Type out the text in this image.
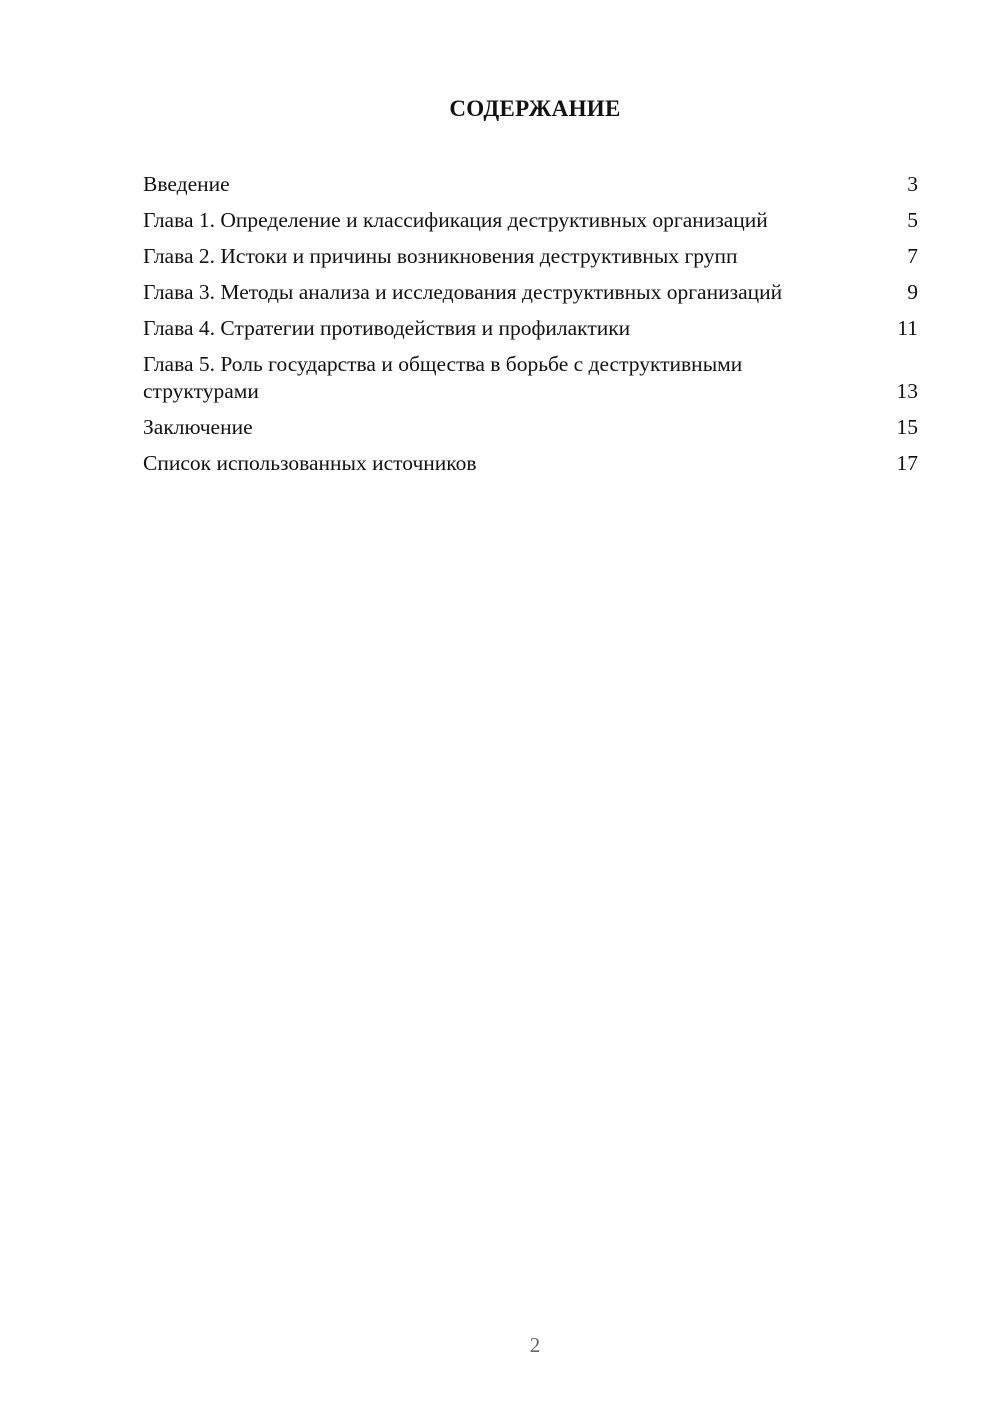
СОДЕРЖАНИЕ
Введение	3
Глава 1. Определение и классификация деструктивных организаций	5
Глава 2. Истоки и причины возникновения деструктивных групп	7
Глава 3. Методы анализа и исследования деструктивных организаций	9
Глава 4. Стратегии противодействия и профилактики	11
Глава 5. Роль государства и общества в борьбе с деструктивными структурами	13
Заключение	15
Список использованных источников	17
2
